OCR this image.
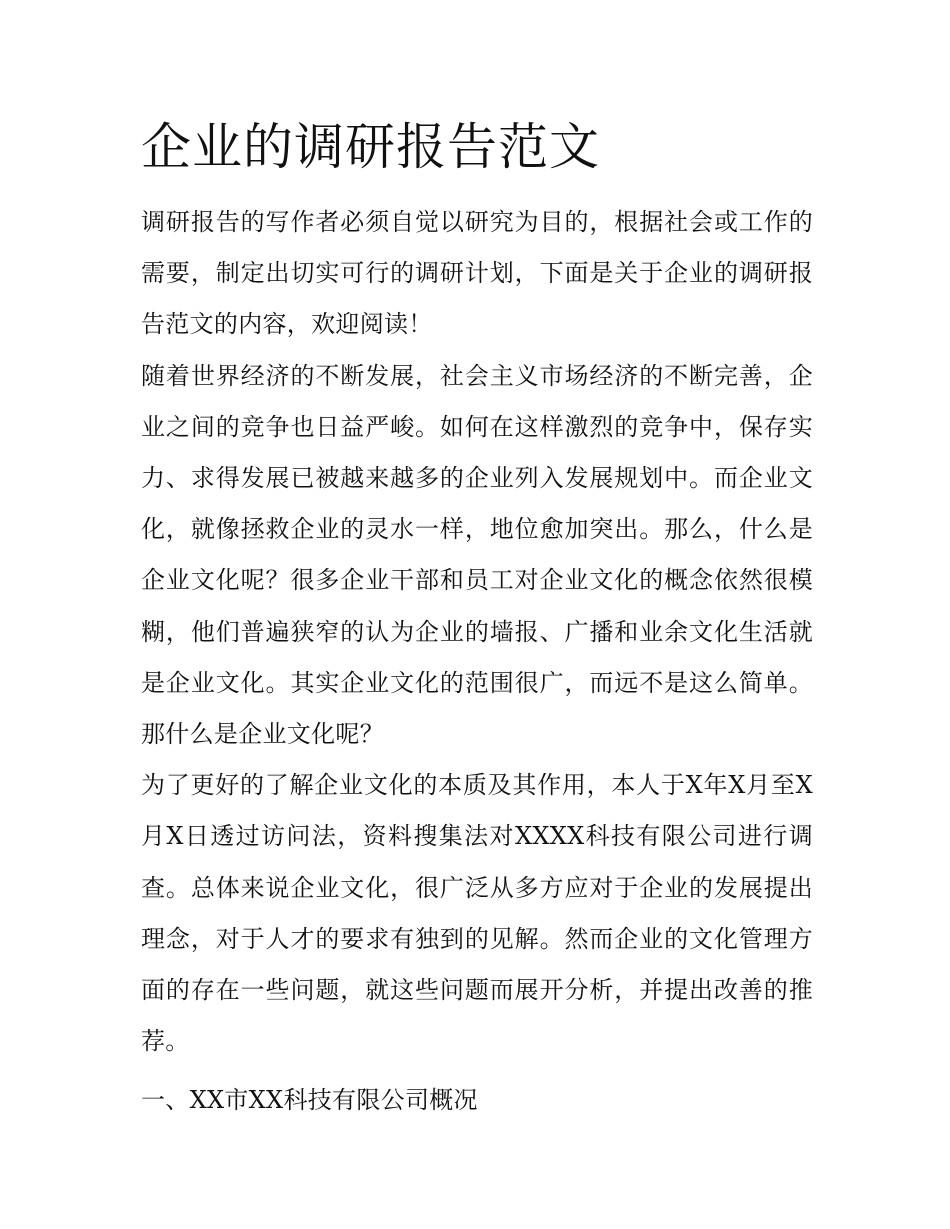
企业的调研报告范文

调研报告的写作者必须自觉以研究为目的，根据社会或工作的需要，制定出切实可行的调研计划，下面是关于企业的调研报告范文的内容，欢迎阅读！

随着世界经济的不断发展，社会主义市场经济的不断完善，企业之间的竞争也日益严峻。如何在这样激烈的竞争中，保存实力、求得发展已被越来越多的企业列入发展规划中。而企业文化，就像拯救企业的灵水一样，地位愈加突出。那么，什么是企业文化呢？很多企业干部和员工对企业文化的概念依然很模糊，他们普遍狭窄的认为企业的墙报、广播和业余文化生活就是企业文化。其实企业文化的范围很广，而远不是这么简单。那什么是企业文化呢？

为了更好的了解企业文化的本质及其作用，本人于X年X月至X月X日透过访问法，资料搜集法对XXXX科技有限公司进行调查。总体来说企业文化，很广泛从多方应对于企业的发展提出理念，对于人才的要求有独到的见解。然而企业的文化管理方面的存在一些问题，就这些问题而展开分析，并提出改善的推荐。

一、XX市XX科技有限公司概况
